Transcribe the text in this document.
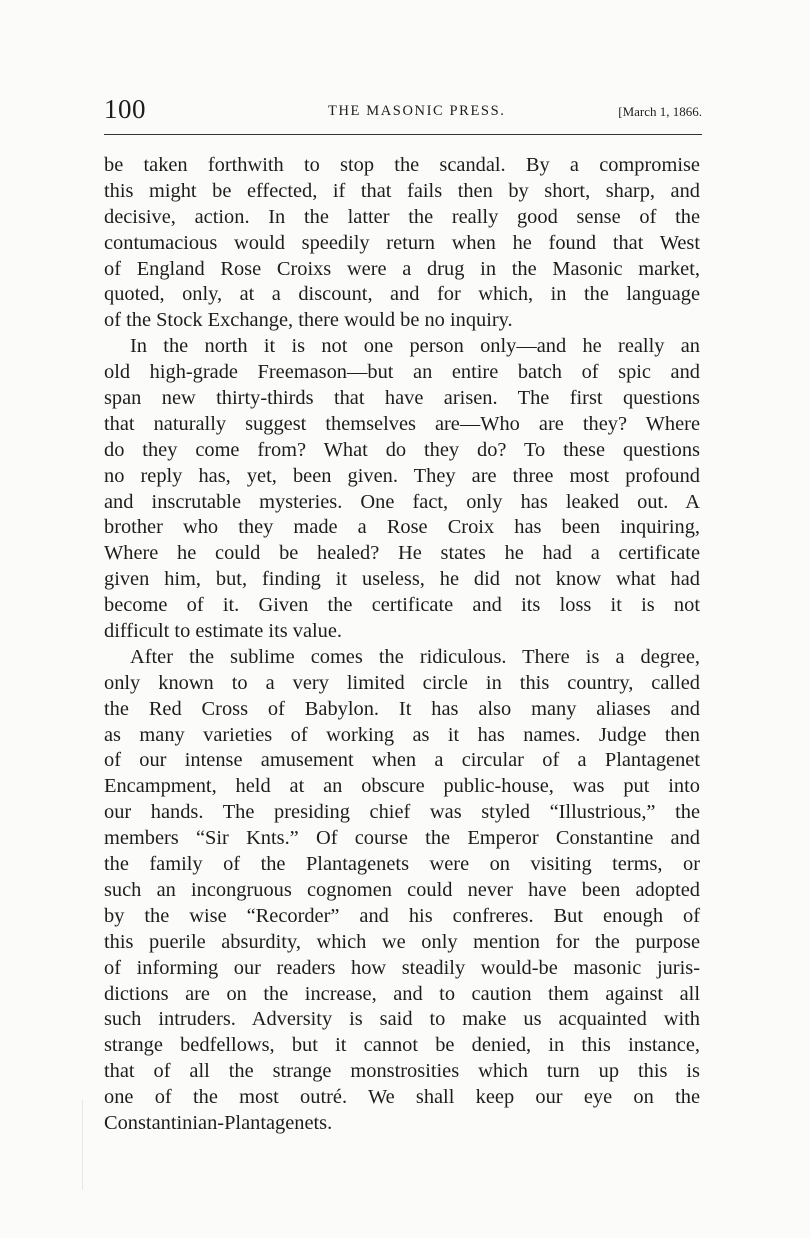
100	THE MASONIC PRESS.	[March 1, 1866.
be taken forthwith to stop the scandal. By a compromise
this might be effected, if that fails then by short, sharp, and
decisive, action. In the latter the really good sense of the
contumacious would speedily return when he found that West
of England Rose Croixs were a drug in the Masonic market,
quoted, only, at a discount, and for which, in the language
of the Stock Exchange, there would be no inquiry.
In the north it is not one person only—and he really an
old high-grade Freemason—but an entire batch of spic and
span new thirty-thirds that have arisen. The first questions
that naturally suggest themselves are—Who are they? Where
do they come from? What do they do? To these questions
no reply has, yet, been given. They are three most profound
and inscrutable mysteries. One fact, only has leaked out. A
brother who they made a Rose Croix has been inquiring,
Where he could be healed? He states he had a certificate
given him, but, finding it useless, he did not know what had
become of it. Given the certificate and its loss it is not
difficult to estimate its value.
After the sublime comes the ridiculous. There is a degree,
only known to a very limited circle in this country, called
the Red Cross of Babylon. It has also many aliases and
as many varieties of working as it has names. Judge then
of our intense amusement when a circular of a Plantagenet
Encampment, held at an obscure public-house, was put into
our hands. The presiding chief was styled “Illustrious,” the
members “Sir Knts.” Of course the Emperor Constantine and
the family of the Plantagenets were on visiting terms, or
such an incongruous cognomen could never have been adopted
by the wise “Recorder” and his confreres. But enough of
this puerile absurdity, which we only mention for the purpose
of informing our readers how steadily would-be masonic juris-
dictions are on the increase, and to caution them against all
such intruders. Adversity is said to make us acquainted with
strange bedfellows, but it cannot be denied, in this instance,
that of all the strange monstrosities which turn up this is
one of the most outré. We shall keep our eye on the
Constantinian-Plantagenets.
